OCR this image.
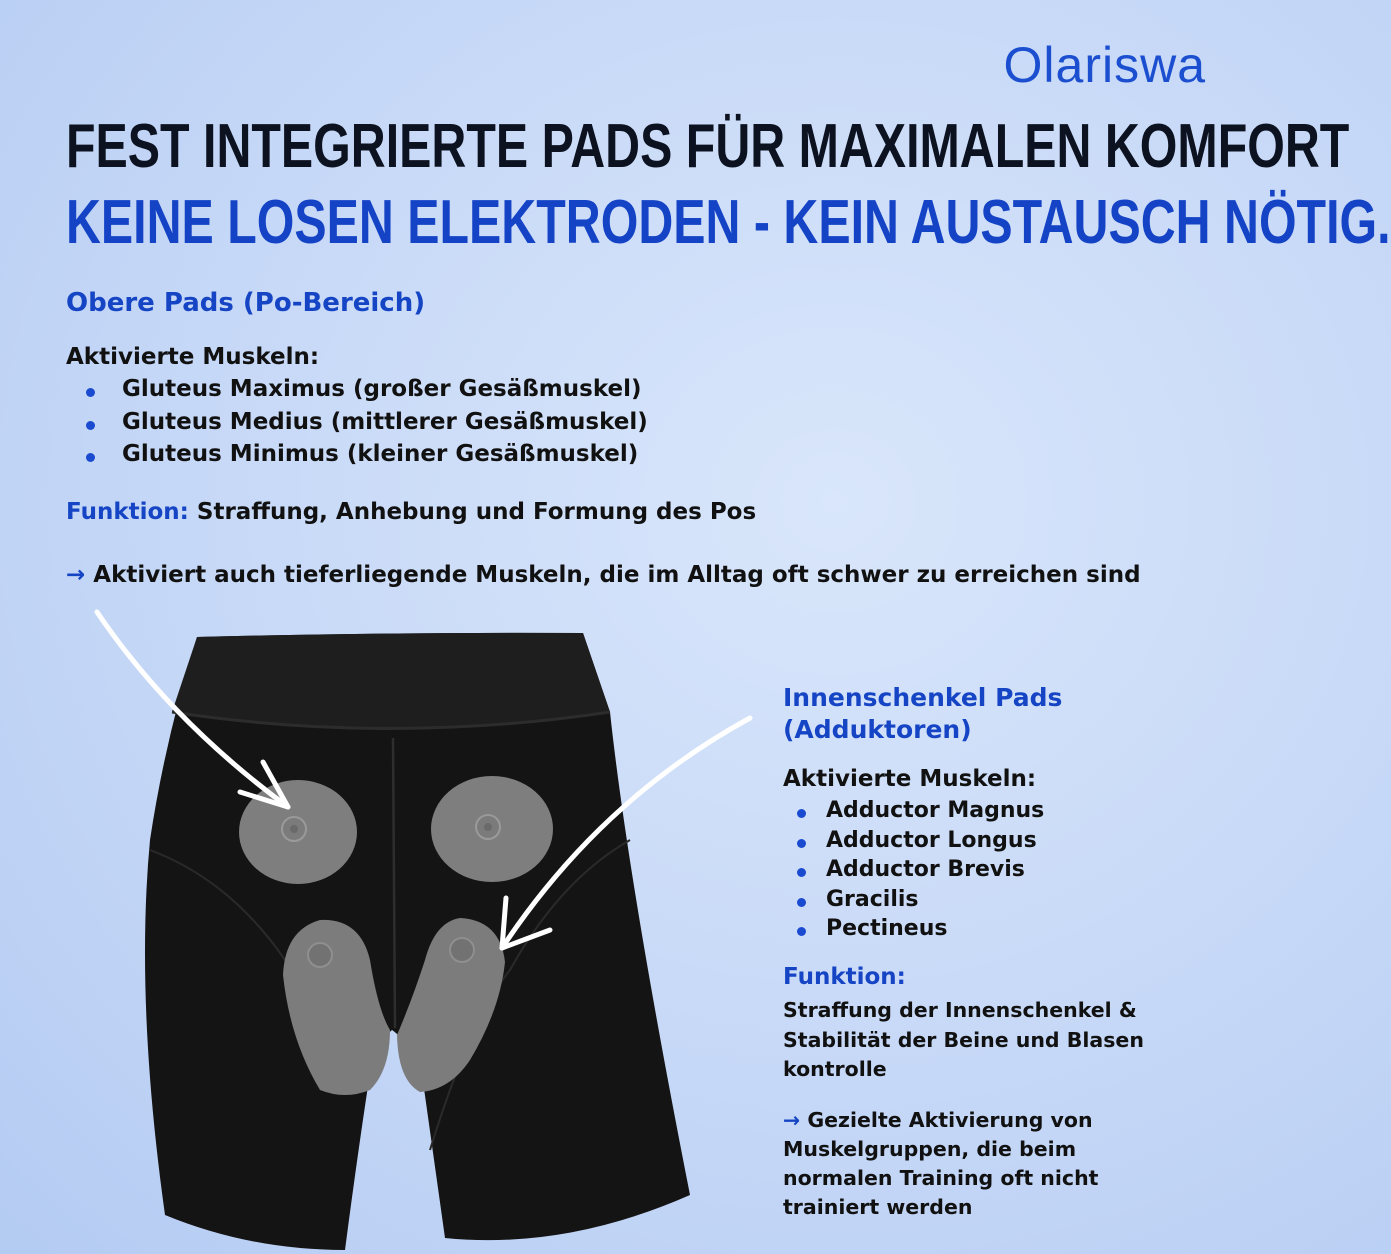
Olariswa
FEST INTEGRIERTE PADS FÜR MAXIMALEN KOMFORT
KEINE LOSEN ELEKTRODEN - KEIN AUSTAUSCH NÖTIG.
Obere Pads (Po-Bereich)
Aktivierte Muskeln:
Gluteus Maximus (großer Gesäßmuskel)
Gluteus Medius (mittlerer Gesäßmuskel)
Gluteus Minimus (kleiner Gesäßmuskel)
Funktion: Straffung, Anhebung und Formung des Pos
→ Aktiviert auch tieferliegende Muskeln, die im Alltag oft schwer zu erreichen sind
Innenschenkel Pads
(Adduktoren)
Aktivierte Muskeln:
Adductor Magnus
Adductor Longus
Adductor Brevis
Gracilis
Pectineus
Funktion:
Straffung der Innenschenkel & Stabilität der Beine und Blasen kontrolle
→ Gezielte Aktivierung von Muskelgruppen, die beim normalen Training oft nicht trainiert werden
